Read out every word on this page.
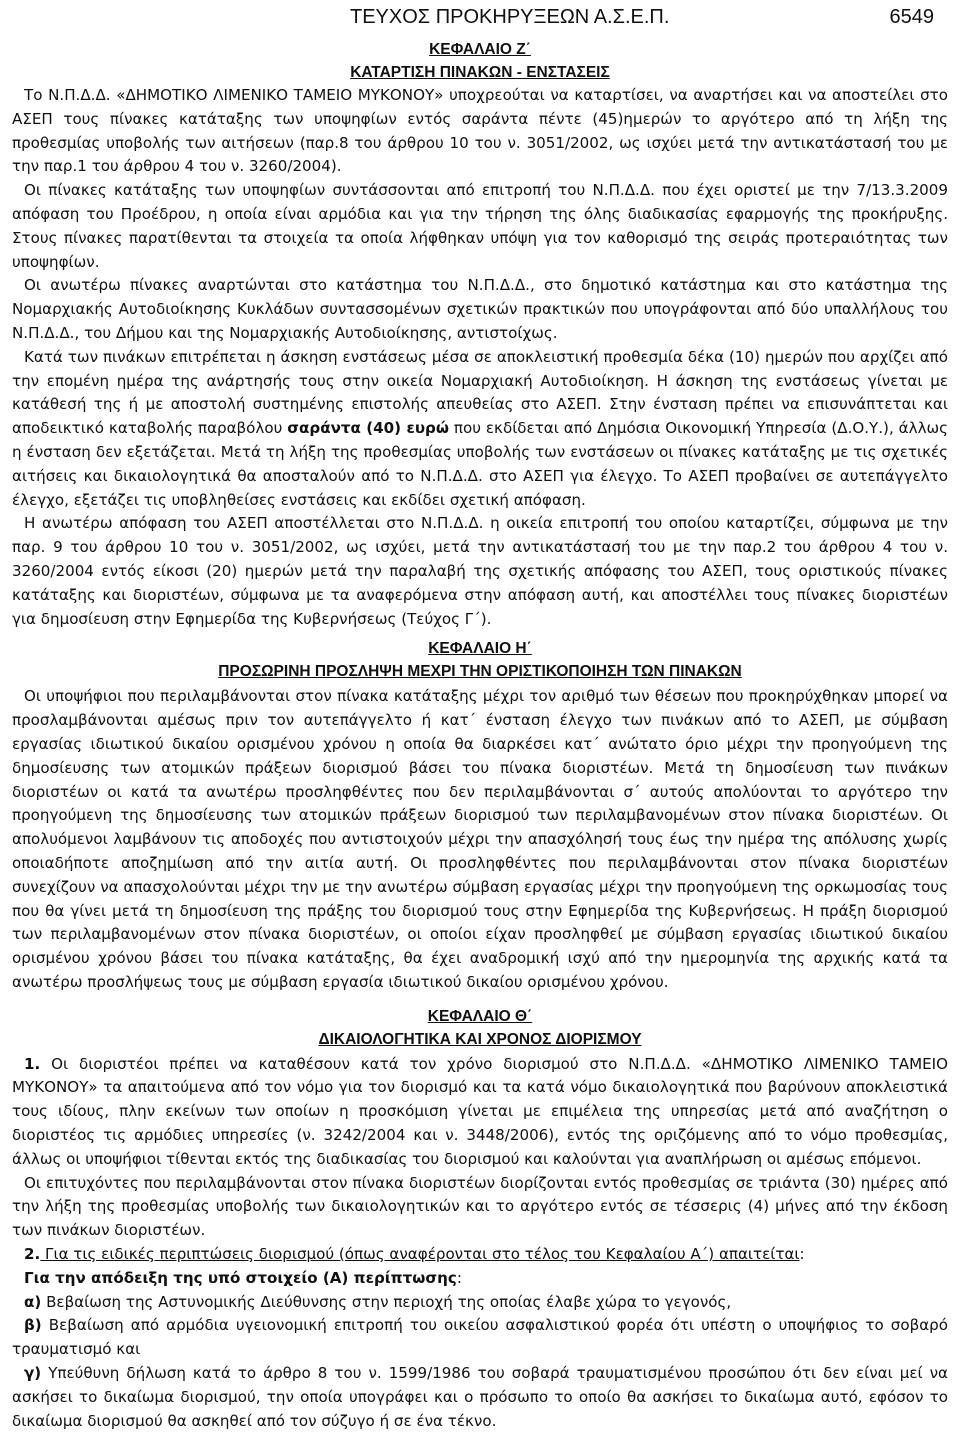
ΤΕΥΧΟΣ ΠΡΟΚΗΡΥΞΕΩΝ Α.Σ.Ε.Π.	6549
ΚΕΦΑΛΑΙΟ Ζ΄
ΚΑΤΑΡΤΙΣΗ ΠΙΝΑΚΩΝ - ΕΝΣΤΑΣΕΙΣ

Το Ν.Π.Δ.Δ. «ΔΗΜΟΤΙΚΟ ΛΙΜΕΝΙΚΟ ΤΑΜΕΙΟ ΜΥΚΟΝΟΥ» υποχρεούται να καταρτίσει, να αναρτήσει και να αποστείλει στο ΑΣΕΠ τους πίνακες κατάταξης των υποψηφίων εντός σαράντα πέντε (45)ημερών το αργότερο από τη λήξη της προθεσμίας υποβολής των αιτήσεων (παρ.8 του άρθρου 10 του ν. 3051/2002, ως ισχύει μετά την αντικατάστασή του με την παρ.1 του άρθρου 4 του ν. 3260/2004).

Οι πίνακες κατάταξης των υποψηφίων συντάσσονται από επιτροπή του Ν.Π.Δ.Δ. που έχει οριστεί με την 7/13.3.2009 απόφαση του Προέδρου, η οποία είναι αρμόδια και για την τήρηση της όλης διαδικασίας εφαρμογής της προκήρυξης. Στους πίνακες παρατίθενται τα στοιχεία τα οποία λήφθηκαν υπόψη για τον καθορισμό της σειράς προτεραιότητας των υποψηφίων.

Οι ανωτέρω πίνακες αναρτώνται στο κατάστημα του Ν.Π.Δ.Δ., στο δημοτικό κατάστημα και στο κατάστημα της Νομαρχιακής Αυτοδιοίκησης Κυκλάδων συντασσομένων σχετικών πρακτικών που υπογράφονται από δύο υπαλλήλους του Ν.Π.Δ.Δ., του Δήμου και της Νομαρχιακής Αυτοδιοίκησης, αντιστοίχως.

Κατά των πινάκων επιτρέπεται η άσκηση ενστάσεως μέσα σε αποκλειστική προθεσμία δέκα (10) ημερών που αρχίζει από την επομένη ημέρα της ανάρτησής τους στην οικεία Νομαρχιακή Αυτοδιοίκηση. Η άσκηση της ενστάσεως γίνεται με κατάθεσή της ή με αποστολή συστημένης επιστολής απευθείας στο ΑΣΕΠ. Στην ένσταση πρέπει να επισυνάπτεται και αποδεικτικό καταβολής παραβόλου σαράντα (40) ευρώ που εκδίδεται από Δημόσια Οικονομική Υπηρεσία (Δ.Ο.Υ.), άλλως η ένσταση δεν εξετάζεται. Μετά τη λήξη της προθεσμίας υποβολής των ενστάσεων οι πίνακες κατάταξης με τις σχετικές αιτήσεις και δικαιολογητικά θα αποσταλούν από το Ν.Π.Δ.Δ. στο ΑΣΕΠ για έλεγχο. Το ΑΣΕΠ προβαίνει σε αυτεπάγγελτο έλεγχο, εξετάζει τις υποβληθείσες ενστάσεις και εκδίδει σχετική απόφαση.

Η ανωτέρω απόφαση του ΑΣΕΠ αποστέλλεται στο Ν.Π.Δ.Δ. η οικεία επιτροπή του οποίου καταρτίζει, σύμφωνα με την παρ. 9 του άρθρου 10 του ν. 3051/2002, ως ισχύει, μετά την αντικατάστασή του με την παρ.2 του άρθρου 4 του ν. 3260/2004 εντός είκοσι (20) ημερών μετά την παραλαβή της σχετικής απόφασης του ΑΣΕΠ, τους οριστικούς πίνακες κατάταξης και διοριστέων, σύμφωνα με τα αναφερόμενα στην απόφαση αυτή, και αποστέλλει τους πίνακες διοριστέων για δημοσίευση στην Εφημερίδα της Κυβερνήσεως (Τεύχος Γ΄).

ΚΕΦΑΛΑΙΟ Η΄
ΠΡΟΣΩΡΙΝΗ ΠΡΟΣΛΗΨΗ ΜΕΧΡΙ ΤΗΝ ΟΡΙΣΤΙΚΟΠΟΙΗΣΗ ΤΩΝ ΠΙΝΑΚΩΝ

Οι υποψήφιοι που περιλαμβάνονται στον πίνακα κατάταξης μέχρι τον αριθμό των θέσεων που προκηρύχθηκαν μπορεί να προσλαμβάνονται αμέσως πριν τον αυτεπάγγελτο ή κατ΄ ένσταση έλεγχο των πινάκων από το ΑΣΕΠ, με σύμβαση εργασίας ιδιωτικού δικαίου ορισμένου χρόνου η οποία θα διαρκέσει κατ΄ ανώτατο όριο μέχρι την προηγούμενη της δημοσίευσης των ατομικών πράξεων διορισμού βάσει του πίνακα διοριστέων. Μετά τη δημοσίευση των πινάκων διοριστέων οι κατά τα ανωτέρω προσληφθέντες που δεν περιλαμβάνονται σ΄ αυτούς απολύονται το αργότερο την προηγούμενη της δημοσίευσης των ατομικών πράξεων διορισμού των περιλαμβανομένων στον πίνακα διοριστέων. Οι απολυόμενοι λαμβάνουν τις αποδοχές που αντιστοιχούν μέχρι την απασχόλησή τους έως την ημέρα της απόλυσης χωρίς οποιαδήποτε αποζημίωση από την αιτία αυτή. Οι προσληφθέντες που περιλαμβάνονται στον πίνακα διοριστέων συνεχίζουν να απασχολούνται μέχρι την με την ανωτέρω σύμβαση εργασίας μέχρι την προηγούμενη της ορκωμοσίας τους που θα γίνει μετά τη δημοσίευση της πράξης του διορισμού τους στην Εφημερίδα της Κυβερνήσεως. Η πράξη διορισμού των περιλαμβανομένων στον πίνακα διοριστέων, οι οποίοι είχαν προσληφθεί με σύμβαση εργασίας ιδιωτικού δικαίου ορισμένου χρόνου βάσει του πίνακα κατάταξης, θα έχει αναδρομική ισχύ από την ημερομηνία της αρχικής κατά τα ανωτέρω προσλήψεως τους με σύμβαση εργασία ιδιωτικού δικαίου ορισμένου χρόνου.

ΚΕΦΑΛΑΙΟ Θ΄
ΔΙΚΑΙΟΛΟΓΗΤΙΚΑ ΚΑΙ ΧΡΟΝΟΣ ΔΙΟΡΙΣΜΟΥ

1. Οι διοριστέοι πρέπει να καταθέσουν κατά τον χρόνο διορισμού στο Ν.Π.Δ.Δ. «ΔΗΜΟΤΙΚΟ ΛΙΜΕΝΙΚΟ ΤΑΜΕΙΟ ΜΥΚΟΝΟΥ» τα απαιτούμενα από τον νόμο για τον διορισμό και τα κατά νόμο δικαιολογητικά που βαρύνουν αποκλειστικά τους ιδίους, πλην εκείνων των οποίων η προσκόμιση γίνεται με επιμέλεια της υπηρεσίας μετά από αναζήτηση ο διοριστέος τις αρμόδιες υπηρεσίες (ν. 3242/2004 και ν. 3448/2006), εντός της οριζόμενης από το νόμο προθεσμίας, άλλως οι υποψήφιοι τίθενται εκτός της διαδικασίας του διορισμού και καλούνται για αναπλήρωση οι αμέσως επόμενοι.

Οι επιτυχόντες που περιλαμβάνονται στον πίνακα διοριστέων διορίζονται εντός προθεσμίας σε τριάντα (30) ημέρες από την λήξη της προθεσμίας υποβολής των δικαιολογητικών και το αργότερο εντός σε τέσσερις (4) μήνες από την έκδοση των πινάκων διοριστέων.

2. Για τις ειδικές περιπτώσεις διορισμού (όπως αναφέρονται στο τέλος του Κεφαλαίου Α΄) απαιτείται:

Για την απόδειξη της υπό στοιχείο (Α) περίπτωσης:

α) Βεβαίωση της Αστυνομικής Διεύθυνσης στην περιοχή της οποίας έλαβε χώρα το γεγονός,

β) Βεβαίωση από αρμόδια υγειονομική επιτροπή του οικείου ασφαλιστικού φορέα ότι υπέστη ο υποψήφιος το σοβαρό τραυματισμό και

γ) Υπεύθυνη δήλωση κατά το άρθρο 8 του ν. 1599/1986 του σοβαρά τραυματισμένου προσώπου ότι δεν είναι μεί να ασκήσει το δικαίωμα διορισμού, την οποία υπογράφει και ο πρόσωπο το οποίο θα ασκήσει το δικαίωμα αυτό, εφόσον το δικαίωμα διορισμού θα ασκηθεί από τον σύζυγο ή σε ένα τέκνο.
